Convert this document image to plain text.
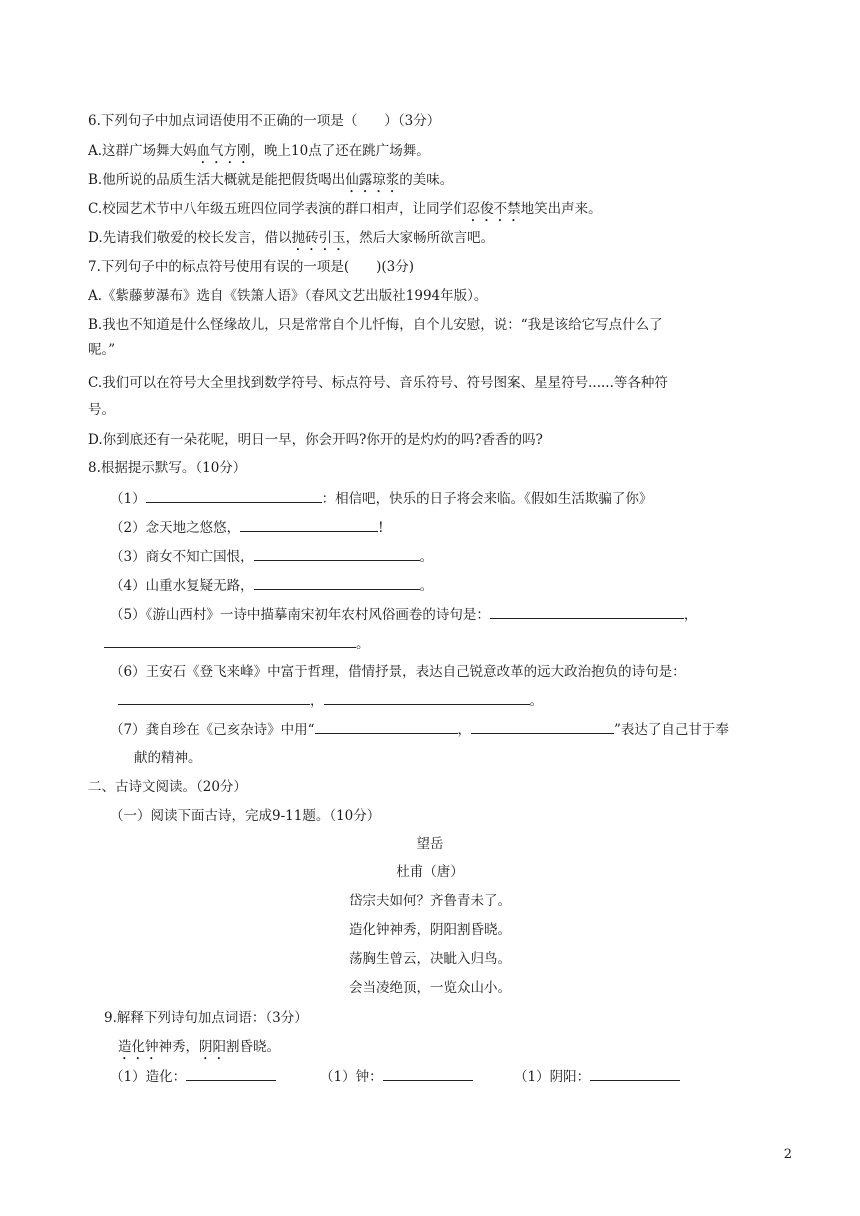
6.下列句子中加点词语使用不正确的一项是（　　）（3分）
A.这群广场舞大妈血气方刚，晚上10点了还在跳广场舞。
B.他所说的品质生活大概就是能把假货喝出仙露琼浆的美味。
C.校园艺术节中八年级五班四位同学表演的群口相声，让同学们忍俊不禁地笑出声来。
D.先请我们敬爱的校长发言，借以抛砖引玉，然后大家畅所欲言吧。
7.下列句子中的标点符号使用有误的一项是(　　)(3分)
A.《紫藤萝瀑布》选自《铁箫人语》（春风文艺出版社1994年版）。
B.我也不知道是什么怪缘故儿，只是常常自个儿忏悔，自个儿安慰，说：“我是该给它写点什么了
呢。”
C.我们可以在符号大全里找到数学符号、标点符号、音乐符号、符号图案、星星符号......等各种符
号。
D.你到底还有一朵花呢，明日一早，你会开吗?你开的是灼灼的吗?香香的吗?
8.根据提示默写。（10分）
（1）	：相信吧，快乐的日子将会来临。《假如生活欺骗了你》
（2）念天地之悠悠，	!
（3）商女不知亡国恨，	。
（4）山重水复疑无路，	。
（5）《游山西村》一诗中描摹南宋初年农村风俗画卷的诗句是：	，
。
（6）王安石《登飞来峰》中富于哲理，借情抒景，表达自己锐意改革的远大政治抱负的诗句是：
，	。
（7）龚自珍在《己亥杂诗》中用“	，	”表达了自己甘于奉
献的精神。
二、古诗文阅读。（20分）
（一）阅读下面古诗，完成9-11题。（10分）
望岳
杜甫（唐）
岱宗夫如何？齐鲁青未了。
造化钟神秀，阴阳割昏晓。
荡胸生曾云，决眦入归鸟。
会当凌绝顶，一览众山小。
9.解释下列诗句加点词语：（3分）
造化钟神秀，阴阳割昏晓。
（1）造化：	（1）钟：	（1）阴阳：
2
